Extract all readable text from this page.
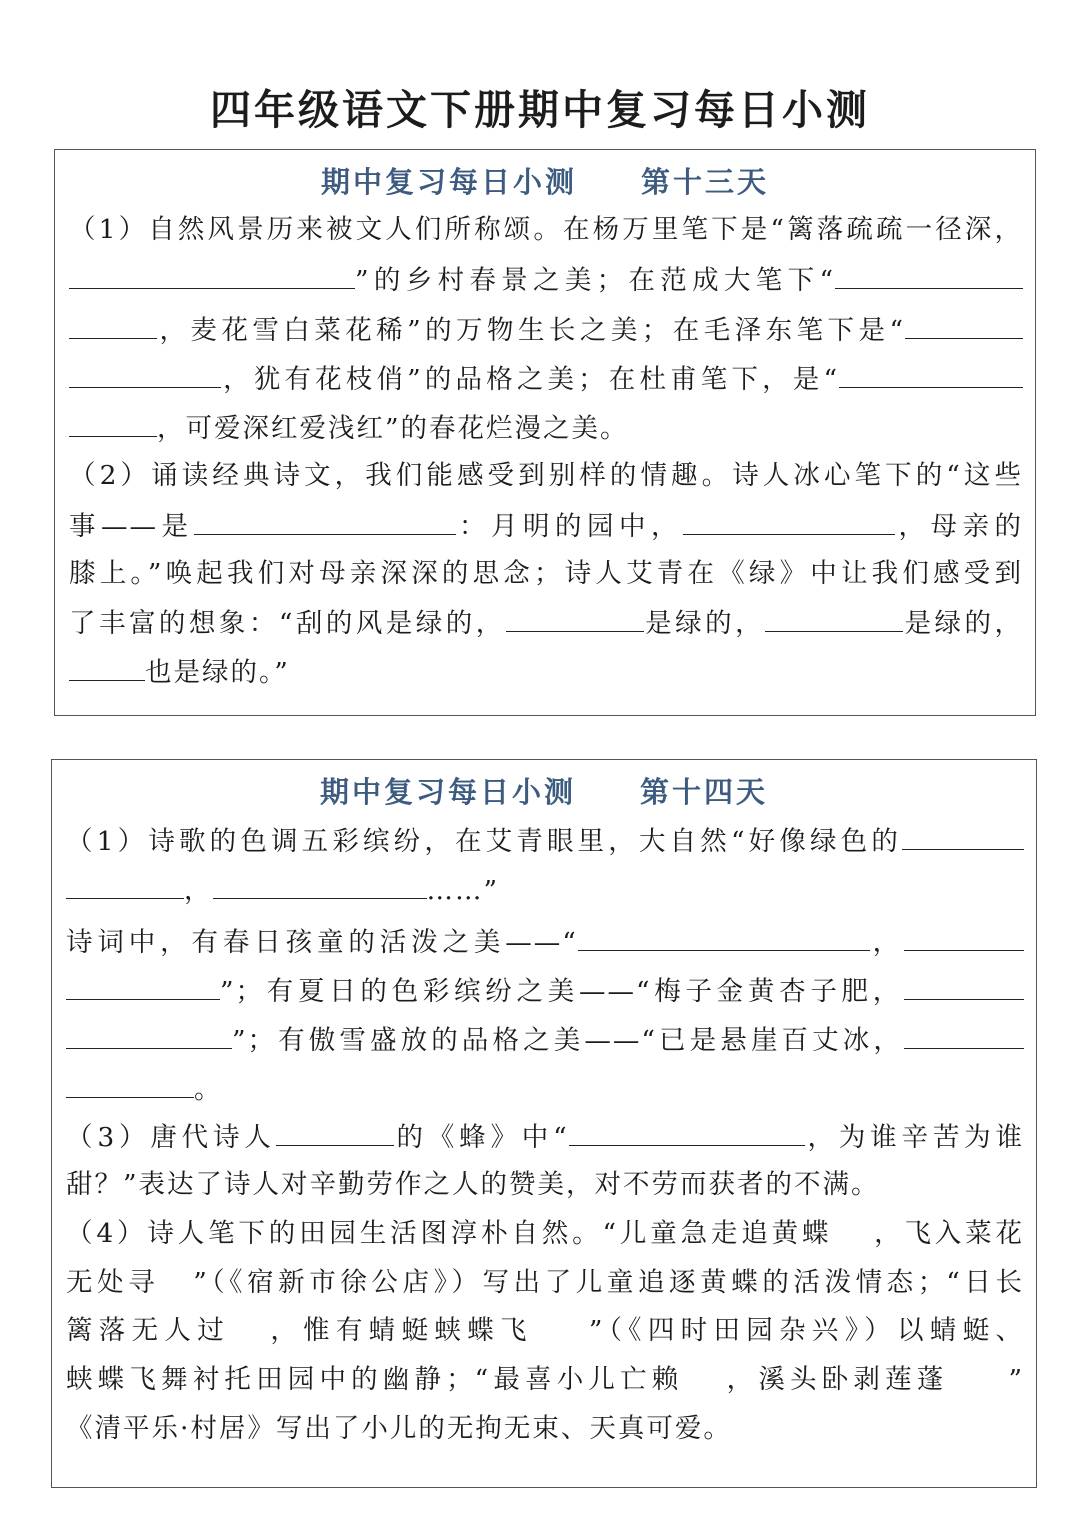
四年级语文下册期中复习每日小测
期中复习每日小测　　第十三天
（1）自然风景历来被文人们所称颂。在杨万里笔下是“篱落疏疏一径深，
”的乡村春景之美；在范成大笔下“
，麦花雪白菜花稀”的万物生长之美；在毛泽东笔下是“
，犹有花枝俏”的品格之美；在杜甫笔下，是“
，可爱深红爱浅红”的春花烂漫之美。
（2）诵读经典诗文，我们能感受到别样的情趣。诗人冰心笔下的“这些
事——是	：月明的园中，	，母亲的
膝上。”唤起我们对母亲深深的思念；诗人艾青在《绿》中让我们感受到
了丰富的想象：“刮的风是绿的，	是绿的，	是绿的，
也是绿的。”
期中复习每日小测　　第十四天
（1）诗歌的色调五彩缤纷，在艾青眼里，大自然“好像绿色的
，	……”
诗词中，有春日孩童的活泼之美——“	，
”；有夏日的色彩缤纷之美——“梅子金黄杏子肥，
”；有傲雪盛放的品格之美——“已是悬崖百丈冰，
。
（3）唐代诗人	的《蜂》中“	，为谁辛苦为谁
甜？”表达了诗人对辛勤劳作之人的赞美，对不劳而获者的不满。
（4）诗人笔下的田园生活图淳朴自然。“儿童急走追黄蝶 ，飞入菜花
无处寻 ”（《宿新市徐公店》）写出了儿童追逐黄蝶的活泼情态；“日长
篱落无人过 ，惟有蜻蜓蛱蝶飞 ”（《四时田园杂兴》）以蜻蜓、
蛱蝶飞舞衬托田园中的幽静；“最喜小儿亡赖 ，溪头卧剥莲蓬 ”
《清平乐·村居》写出了小儿的无拘无束、天真可爱。
